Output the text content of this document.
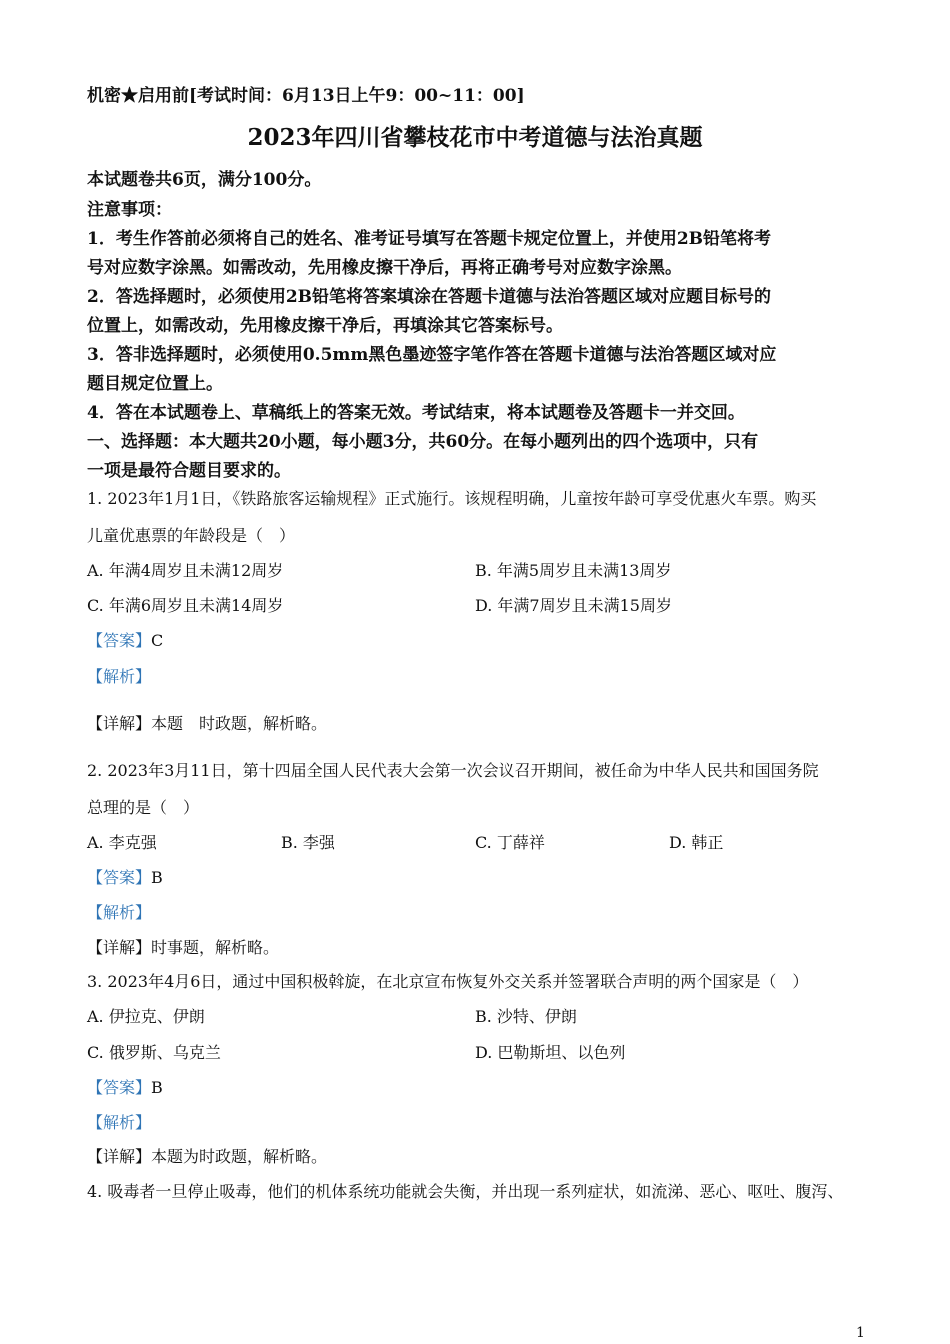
机密★启用前[考试时间：6月13日上午9：00~11：00]
2023年四川省攀枝花市中考道德与法治真题
本试题卷共6页，满分100分。
注意事项：
1．考生作答前必须将自己的姓名、准考证号填写在答题卡规定位置上，并使用2B铅笔将考
号对应数字涂黑。如需改动，先用橡皮擦干净后，再将正确考号对应数字涂黑。
2．答选择题时，必须使用2B铅笔将答案填涂在答题卡道德与法治答题区域对应题目标号的
位置上，如需改动，先用橡皮擦干净后，再填涂其它答案标号。
3．答非选择题时，必须使用0.5mm黑色墨迹签字笔作答在答题卡道德与法治答题区域对应
题目规定位置上。
4．答在本试题卷上、草稿纸上的答案无效。考试结束，将本试题卷及答题卡一并交回。
一、选择题：本大题共20小题，每小题3分，共60分。在每小题列出的四个选项中，只有
一项是最符合题目要求的。
1. 2023年1月1日，《铁路旅客运输规程》正式施行。该规程明确，儿童按年龄可享受优惠火车票。购买
儿童优惠票的年龄段是（　）
A. 年满4周岁且未满12周岁	B. 年满5周岁且未满13周岁
C. 年满6周岁且未满14周岁	D. 年满7周岁且未满15周岁
【答案】C
【解析】
【详解】本题　时政题，解析略。
2. 2023年3月11日，第十四届全国人民代表大会第一次会议召开期间，被任命为中华人民共和国国务院
总理的是（　）
A. 李克强	B. 李强	C. 丁薛祥	D. 韩正
【答案】B
【解析】
【详解】时事题，解析略。
3. 2023年4月6日，通过中国积极斡旋，在北京宣布恢复外交关系并签署联合声明的两个国家是（　）
A. 伊拉克、伊朗	B. 沙特、伊朗
C. 俄罗斯、乌克兰	D. 巴勒斯坦、以色列
【答案】B
【解析】
【详解】本题为时政题，解析略。
4. 吸毒者一旦停止吸毒，他们的机体系统功能就会失衡，并出现一系列症状，如流涕、恶心、呕吐、腹泻、
1
